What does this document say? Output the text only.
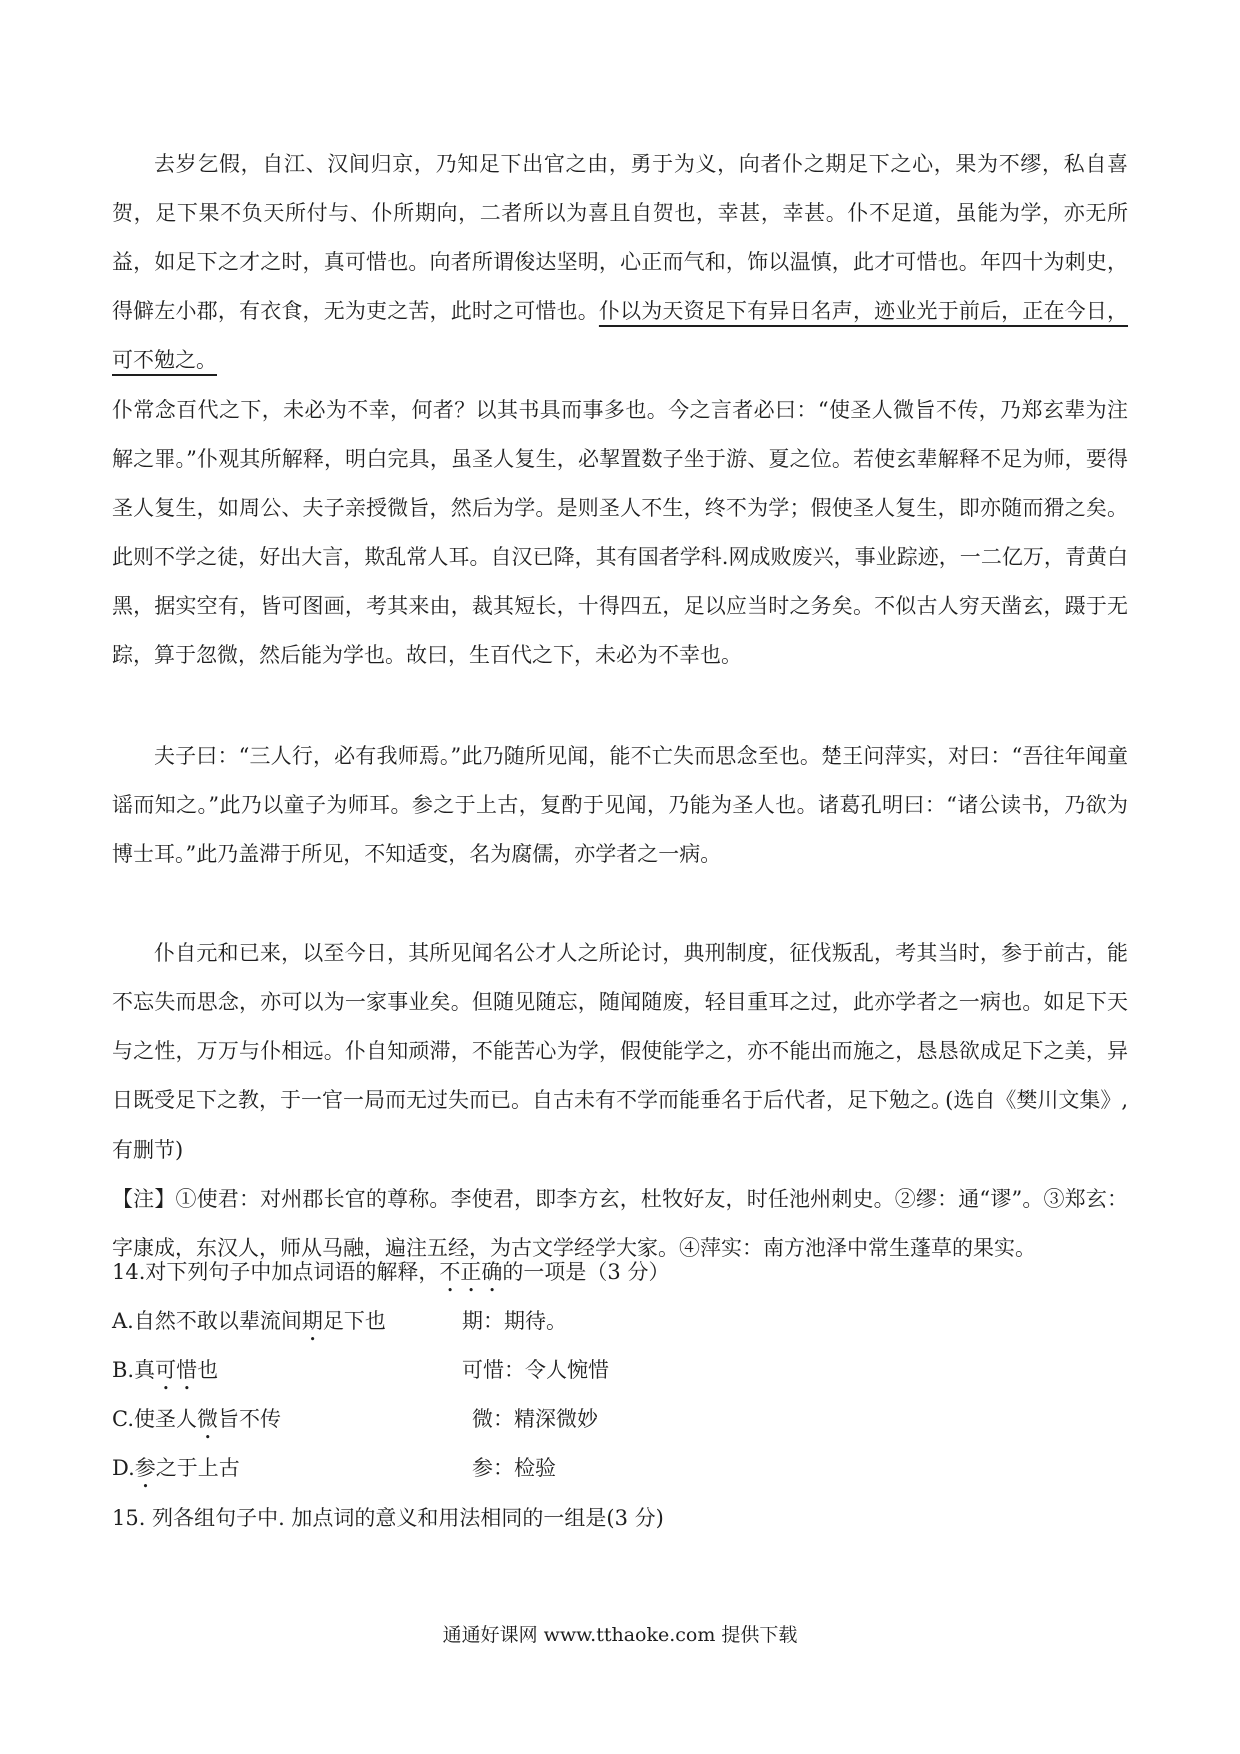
去岁乞假，自江、汉间归京，乃知足下出官之由，勇于为义，向者仆之期足下之心，果为不缪，私自喜贺，足下果不负天所付与、仆所期向，二者所以为喜且自贺也，幸甚，幸甚。仆不足道，虽能为学，亦无所益，如足下之才之时，真可惜也。向者所谓俊达坚明，心正而气和，饰以温慎，此才可惜也。年四十为刺史，得僻左小郡，有衣食，无为吏之苦，此时之可惜也。仆以为天资足下有异日名声，迹业光于前后，正在今日，可不勉之。

仆常念百代之下，未必为不幸，何者？以其书具而事多也。今之言者必曰：“使圣人微旨不传，乃郑玄辈为注解之罪。”仆观其所解释，明白完具，虽圣人复生，必挈置数子坐于游、夏之位。若使玄辈解释不足为师，要得圣人复生，如周公、夫子亲授微旨，然后为学。是则圣人不生，终不为学；假使圣人复生，即亦随而猾之矣。此则不学之徒，好出大言，欺乱常人耳。自汉已降，其有国者学科.网成败废兴，事业踪迹，一二亿万，青黄白黑，据实空有，皆可图画，考其来由，裁其短长，十得四五，足以应当时之务矣。不似古人穷天凿玄，蹑于无踪，算于忽微，然后能为学也。故曰，生百代之下，未必为不幸也。

夫子曰：“三人行，必有我师焉。”此乃随所见闻，能不亡失而思念至也。楚王问萍实，对曰：“吾往年闻童谣而知之。”此乃以童子为师耳。参之于上古，复酌于见闻，乃能为圣人也。诸葛孔明曰：“诸公读书，乃欲为博士耳。”此乃盖滞于所见，不知适变，名为腐儒，亦学者之一病。

仆自元和已来，以至今日，其所见闻名公才人之所论讨，典刑制度，征伐叛乱，考其当时，参于前古，能不忘失而思念，亦可以为一家事业矣。但随见随忘，随闻随废，轻目重耳之过，此亦学者之一病也。如足下天与之性，万万与仆相远。仆自知顽滞，不能苦心为学，假使能学之，亦不能出而施之，恳恳欲成足下之美，异日既受足下之教，于一官一局而无过失而已。自古未有不学而能垂名于后代者，足下勉之。

(选自《樊川文集》,
有删节)

【注】①使君：对州郡长官的尊称。李使君，即李方玄，杜牧好友，时任池州刺史。②缪：通“谬”。③郑玄：字康成，东汉人，师从马融，遍注五经，为古文学经学大家。④萍实：南方池泽中常生蓬草的果实。

14.对下列句子中加点词语的解释，不正确的一项是（3 分）
A.自然不敢以辈流间期足下也	期：期待。
B.真可惜也	可惜：令人惋惜
C.使圣人微旨不传	微：精深微妙
D.参之于上古	参：检验
15. 列各组句子中. 加点词的意义和用法相同的一组是(3 分)
通通好课网 www.tthaoke.com 提供下载
